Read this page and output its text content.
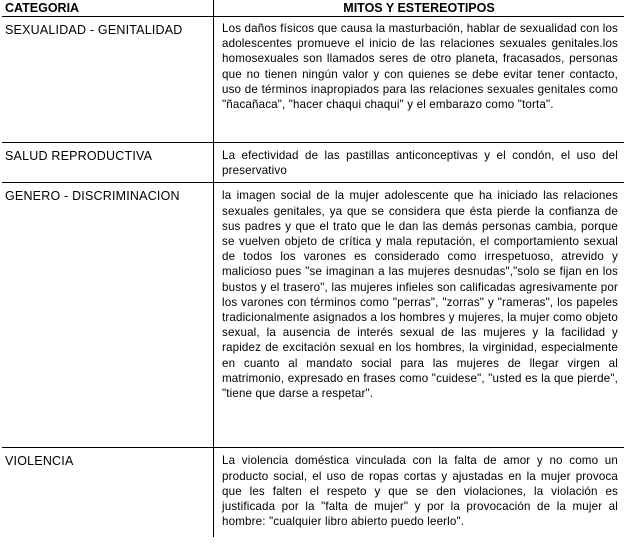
CATEGORIA	MITOS Y ESTEREOTIPOS
SEXUALIDAD - GENITALIDAD	Los daños físicos que causa la masturbación, hablar de sexualidad con los adolescentes promueve el inicio de las relaciones sexuales genitales.los homosexuales son llamados seres de otro planeta, fracasados, personas que no tienen ningún valor y con quienes se debe evitar tener contacto, uso de términos inapropiados para las relaciones sexuales genitales como "ñacañaca", "hacer chaqui chaqui" y el embarazo como "torta".
SALUD REPRODUCTIVA	La efectividad de las pastillas anticonceptivas y el condón, el uso del preservativo
GENERO - DISCRIMINACION	la imagen social de la mujer adolescente que ha iniciado las relaciones sexuales genitales, ya que se considera que ésta pierde la confianza de sus padres y que el trato que le dan las demás personas cambia, porque se vuelven objeto de crítica y mala reputación, el comportamiento sexual de todos los varones es considerado como irrespetuoso, atrevido y malicioso pues "se imaginan a las mujeres desnudas","solo se fijan en los bustos y el trasero", las mujeres infieles son calificadas agresivamente por los varones con términos como "perras", "zorras" y "rameras", los papeles tradicionalmente asignados a los hombres y mujeres, la mujer como objeto sexual, la ausencia de interés sexual de las mujeres y la facilidad y rapidez de excitación sexual en los hombres, la virginidad, especialmente en cuanto al mandato social para las mujeres de llegar virgen al matrimonio, expresado en frases como "cuidese", "usted es la que pierde", "tiene que darse a respetar".
VIOLENCIA	La violencia doméstica vinculada con la falta de amor y no como un producto social, el uso de ropas cortas y ajustadas en la mujer provoca que les falten el respeto y que se den violaciones, la violación es justificada por la "falta de mujer" y por la provocación de la mujer al hombre: "cualquier libro abierto puedo leerlo".
